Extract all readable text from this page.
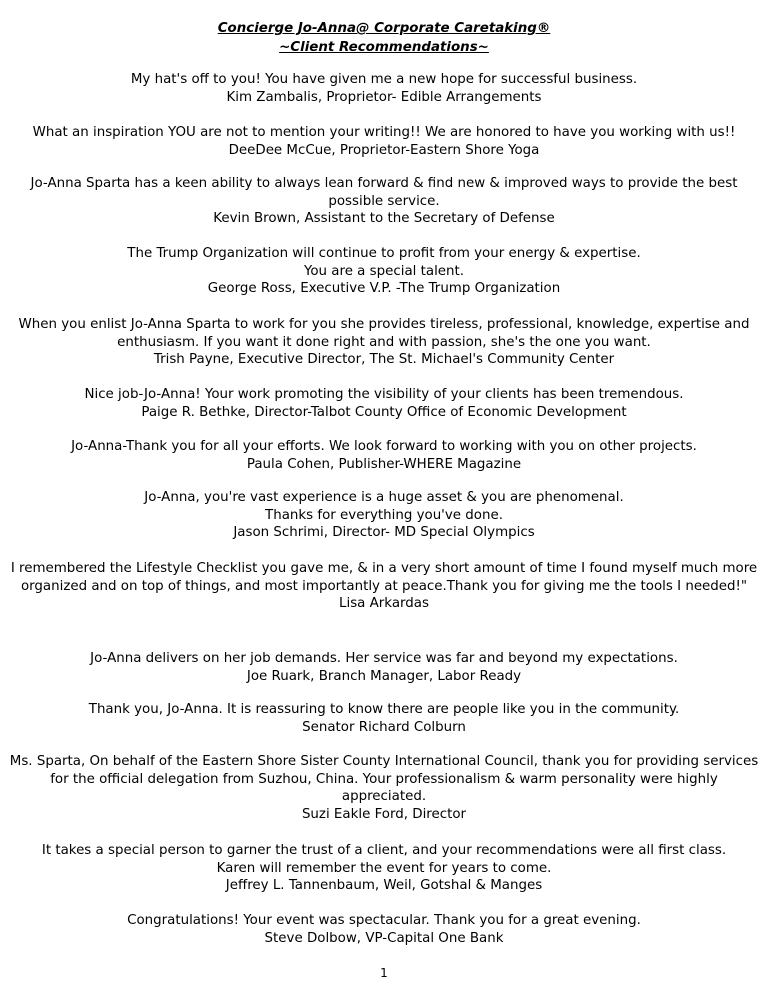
Concierge Jo-Anna@ Corporate Caretaking®
~Client Recommendations~
My hat's off to you! You have given me a new hope for successful business.
Kim Zambalis, Proprietor- Edible Arrangements
What an inspiration YOU are not to mention your writing!! We are honored to have you working with us!! DeeDee McCue, Proprietor-Eastern Shore Yoga
Jo-Anna Sparta has a keen ability to always lean forward & find new & improved ways to provide the best possible service.
Kevin Brown, Assistant to the Secretary of Defense
The Trump Organization will continue to profit from your energy & expertise.
You are a special talent.
George Ross, Executive V.P. -The Trump Organization
When you enlist Jo-Anna Sparta to work for you she provides tireless, professional, knowledge, expertise and enthusiasm. If you want it done right and with passion, she's the one you want.
Trish Payne, Executive Director, The St. Michael's Community Center
Nice job-Jo-Anna! Your work promoting the visibility of your clients has been tremendous.
Paige R. Bethke, Director-Talbot County Office of Economic Development
Jo-Anna-Thank you for all your efforts. We look forward to working with you on other projects.
Paula Cohen, Publisher-WHERE Magazine
Jo-Anna, you're vast experience is a huge asset & you are phenomenal.
Thanks for everything you've done.
Jason Schrimi, Director- MD Special Olympics
I remembered the Lifestyle Checklist you gave me, & in a very short amount of time I found myself much more organized and on top of things, and most importantly at peace.Thank you for giving me the tools I needed!"
Lisa Arkardas
Jo-Anna delivers on her job demands. Her service was far and beyond my expectations.
Joe Ruark, Branch Manager, Labor Ready
Thank you, Jo-Anna. It is reassuring to know there are people like you in the community.
Senator Richard Colburn
Ms. Sparta, On behalf of the Eastern Shore Sister County International Council, thank you for providing services for the official delegation from Suzhou, China. Your professionalism & warm personality were highly appreciated.
Suzi Eakle Ford, Director
It takes a special person to garner the trust of a client, and your recommendations were all first class.
Karen will remember the event for years to come.
Jeffrey L. Tannenbaum, Weil, Gotshal & Manges
Congratulations! Your event was spectacular. Thank you for a great evening.
Steve Dolbow, VP-Capital One Bank
1
